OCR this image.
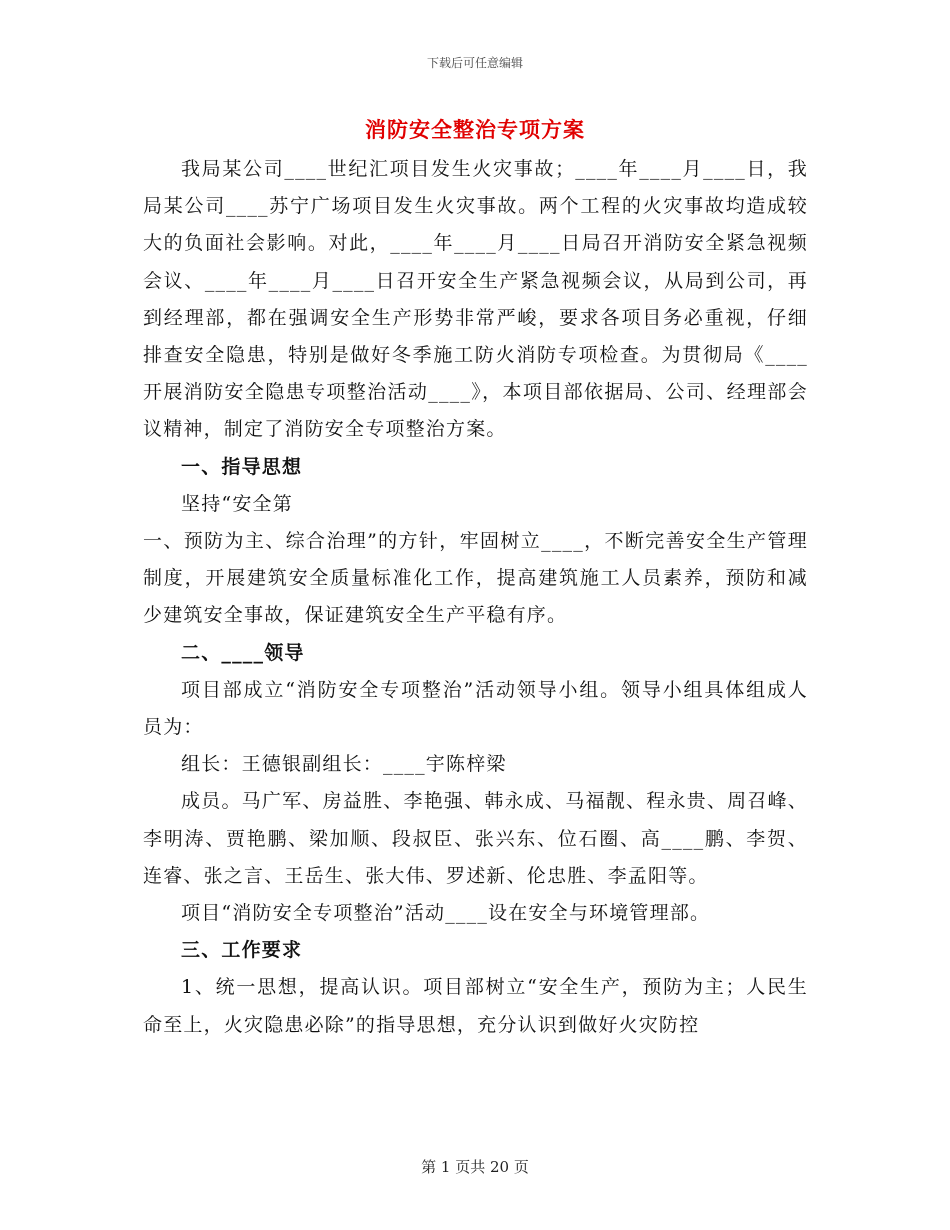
下载后可任意编辑
消防安全整治专项方案

我局某公司____世纪汇项目发生火灾事故；____年____月____日，我局某公司____苏宁广场项目发生火灾事故。两个工程的火灾事故均造成较大的负面社会影响。对此，____年____月____日局召开消防安全紧急视频会议、____年____月____日召开安全生产紧急视频会议，从局到公司，再到经理部，都在强调安全生产形势非常严峻，要求各项目务必重视，仔细排查安全隐患，特别是做好冬季施工防火消防专项检查。为贯彻局《____开展消防安全隐患专项整治活动____》，本项目部依据局、公司、经理部会议精神，制定了消防安全专项整治方案。

一、指导思想

坚持“安全第

一、预防为主、综合治理”的方针，牢固树立____，不断完善安全生产管理制度，开展建筑安全质量标准化工作，提高建筑施工人员素养，预防和减少建筑安全事故，保证建筑安全生产平稳有序。

二、____领导

项目部成立“消防安全专项整治”活动领导小组。领导小组具体组成人员为：

组长：王德银副组长：____宇陈梓梁

成员。马广军、房益胜、李艳强、韩永成、马福靓、程永贵、周召峰、李明涛、贾艳鹏、梁加顺、段叔臣、张兴东、位石圈、高____鹏、李贺、连睿、张之言、王岳生、张大伟、罗述新、伦忠胜、李孟阳等。

项目“消防安全专项整治”活动____设在安全与环境管理部。

三、工作要求

1、统一思想，提高认识。项目部树立“安全生产，预防为主；人民生命至上，火灾隐患必除”的指导思想，充分认识到做好火灾防控

第 1 页共 20 页
